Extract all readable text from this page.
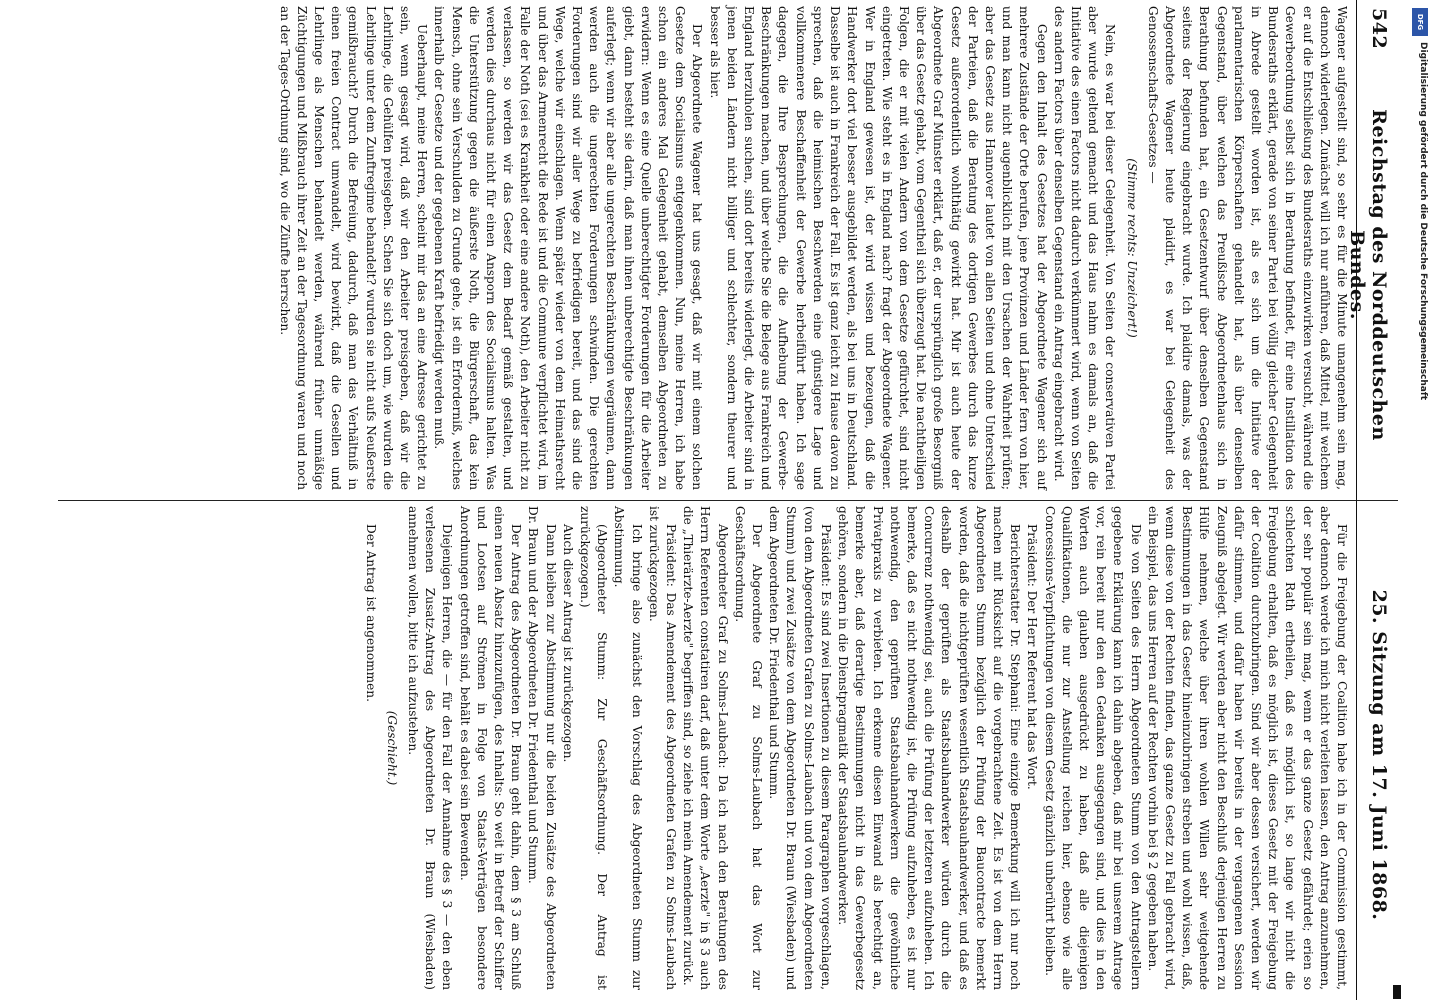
542
Reichstag des Norddeutschen Bundes.

Wagener aufgestellt sind, so sehr es für die Minute unangenehm sein mag, dennoch widerlegen. Zunächst will ich nur anführen, daß Mittel, mit welchem er auf die Entschließung des Bundesraths einzuwirken versucht, während die Gewerbeordnung selbst sich in Berathung befindet, für eine Instillation des Bundesraths erklärt, gerade von seiner Partei bei völlig gleicher Gelegenheit in Abrede gestellt worden ist, als es sich um die Initiative der parlamentarischen Körperschaften gehandelt hat, als über denselben Gegenstand, über welchen das Preußische Abgeordnetenhaus sich in Berathung befunden hat, ein Gesetzentwurf über denselben Gegenstand seitens der Regierung eingebracht wurde. Ich plaidire damals, was der Abgeordnete Wagener heute plaidirt, es war bei Gelegenheit des Genossenschafts-Gesetzes —

(Stimme rechts: Unzeichert!)

Nein, es war bei dieser Gelegenheit. Von Seiten der conservativen Partei aber wurde geltend gemacht und das Haus nahm es damals an, daß die Initiative des einen Factors nicht dadurch verkümmert wird, wenn von Seiten des andern Factors über denselben Gegenstand ein Antrag eingebracht wird.

Gegen den Inhalt des Gesetzes hat der Abgeordnete Wagener sich auf mehrere Zustände der Orte berufen, jene Provinzen und Länder fern von hier, und man kann nicht augenblicklich mit den Ursachen der Wahrheit prüfen; aber das Gesetz aus Hannover lautet von allen Seiten und ohne Unterschied der Parteien, daß die Beratung des dortigen Gewerbes durch das kurze Gesetz außerordentlich wohlthätig gewirkt hat. Mir ist auch heute der Abgeordnete Graf Münster erklärt, daß er, der ursprünglich große Besorgniß über das Gesetz gehabt, vom Gegentheil sich überzeugt hat. Die nachtheiligen Folgen, die er mit vielen Andern von dem Gesetze gefürchtet, sind nicht eingetreten. Wie steht es in England nach? fragt der Abgeordnete Wagener. Wer in England gewesen ist, der wird wissen und bezeugen, daß die Handwerker dort viel besser ausgebildet werden, als bei uns in Deutschland. Dasselbe ist auch in Frankreich der Fall. Es ist ganz leicht zu Hause davon zu sprechen, daß die heimischen Beschwerden eine günstigere Lage und vollkommenere Beschaffenheit der Gewerbe herbeiführt haben. Ich sage dagegen, die Ihre Besprechungen, die die Aufhebung der Gewerbe-Beschränkungen machen, und über welche Sie die Belege aus Frankreich und England herzuholen suchen, sind dort bereits widerlegt, die Arbeiter sind in jenen beiden Ländern nicht billiger und schlechter, sondern theurer und besser als hier.

Der Abgeordnete Wagener hat uns gesagt, daß wir mit einem solchen Gesetze dem Socialismus entgegenkommen. Nun, meine Herren, ich habe schon ein anderes Mal Gelegenheit gehabt, demselben Abgeordneten zu erwidern: Wenn es eine Quelle unberechtigter Forderungen für die Arbeiter giebt, dann besteht sie darin, daß man ihnen unberechtigte Beschränkungen auferlegt; wenn wir aber alle ungerechten Beschränkungen wegräumen, dann werden auch die ungerechten Forderungen schwinden. Die gerechten Forderungen sind wir aller Wege zu befriedigen bereit, und das sind die Wege, welche wir einschlagen. Wenn später wieder von dem Heimathsrecht und über das Armenrecht die Rede ist und die Commune verpflichtet wird, im Falle der Noth (sei es Krankheit oder eine andere Noth), den Arbeiter nicht zu verlassen, so werden wir das Gesetz dem Bedarf gemäß gestalten, und werden dies durchaus nicht für einen Ansporn des Socialismus halten. Was die Unterstützung gegen die äußerste Noth, die Bürgerschaft, das kein Mensch, ohne sein Verschulden zu Grunde gehe, ist ein Erforderniß, welches innerhalb der Gesetze und der gegebenen Kraft befriedigt werden muß.

Ueberhaupt, meine Herren, scheint mir das an eine Adresse gerichtet zu sein, wenn gesagt wird, daß wir den Arbeiter preisgeben, daß wir die Lehrlinge, die Gehülfen preisgeben. Schen Sie sich doch um, wie wurden die Lehrlinge unter dem Zunftregime behandelt? wurden sie nicht aufs Neußerste gemißbraucht? Durch die Befreiung, dadurch, daß man das Verhältniß in einen freien Contract umwandelt, wird bewirkt, daß die Gesellen und Lehrlinge als Menschen behandelt werden, während früher unmäßige Züchtigungen und Mißbrauch ihrer Zeit an der Tagesordnung waren und noch an der Tages-Ordnung sind, wo die Zünfte herrschen.

25. Sitzung am 17. Juni 1868.

Für die Freigebung der Coalition habe ich in der Commission gestimmt, aber dennoch werde ich mich nicht verleiten lassen, den Antrag anzunehmen, der sehr populär sein mag, wenn er das ganze Gesetz gefährdet; erien so schlechten Rath ertheilen, daß es möglich ist, so lange wir nicht die Freigebung erhalten, daß es möglich ist, dieses Gesetz mit der Freigebung der Coalition durchzubringen. Sind wir aber dessen versichert, werden wir dafür stimmen, und dafür haben wir bereits in der vergangenen Session Zeugniß abgelegt. Wir werden aber nicht den Beschluß derjenigen Herren zu Hülfe nehmen, welche über ihren wohlen Willen sehr weitgehende Bestimmungen in das Gesetz hineinzubringen streben und wohl wissen, daß, wenn diese von der Rechten finden, das ganze Gesetz zu Fall gebracht wird, ein Beispiel, das uns Herren auf der Rechten vorhin bei § 2 gegeben haben.

Die von Seiten des Herrn Abgeordneten Stumm von den Antragstellern gegebene Erklärung kann ich dahin abgeben, daß mir bei unserem Antrage vor, rein bereit nur den den Gedanken ausgegangen sind, und dies in den Worten auch glauben ausgedrückt zu haben, daß alle diejenigen Qualifikationen, die nur zur Anstellung reichen hier, ebenso wie alle Concessions-Verpflichtungen von diesem Gesetz gänzlich unberührt bleiben.

Präsident: Der Herr Referent hat das Wort.

Berichterstatter Dr. Stephani: Eine einzige Bemerkung will ich nur noch machen mit Rücksicht auf die vorgebrachtene Zeit. Es ist von dem Herrn Abgeordneten Stumm bezüglich der Prüfung der Baucontracte bemerkt worden, daß die nichtgeprüften wesentlich Staatsbauhandwerker, und daß es deshalb der geprüften als Staatsbauhandwerker würden durch die Concurrenz nothwendig sei, auch die Prüfung der letzteren aufzuheben. Ich bemerke, daß es nicht nothwendig ist, die Prüfung aufzuheben, es ist nur nothwendig, den geprüften Staatsbauhandwerkern die gewöhnliche Privatpraxis zu verbieten. Ich erkenne diesen Einwand als berechtigt an, bemerke aber, daß derartige Bestimmungen nicht in das Gewerbegesetz gehören, sondern in die Dienstpragmatik der Staatsbauhandwerker.

Präsident: Es sind zwei Insertionen zu diesem Paragraphen vorgeschlagen, (von dem Abgeordneten Grafen zu Solms-Laubach und von dem Abgeordneten Stumm) und zwei Zusätze von dem Abgeordneten Dr. Braun (Wiesbaden) und dem Abgeordneten Dr. Friedenthal und Stumm.

Der Abgeordnete Graf zu Solms-Laubach hat das Wort zur Geschäftsordnung.

Abgeordneter Graf zu Solms-Laubach: Da ich nach den Beratungen des Herrn Referenten constatiren darf, daß unter dem Worte „Aerzte" in § 3 auch die „Thierärzte-Aerzte" begriffen sind, so ziehe ich mein Amendement zurück.

Präsident: Das Amendement des Abgeordneten Grafen zu Solms-Laubach ist zurückgezogen.

Ich bringe also zunächst den Vorschlag des Abgeordneten Stumm zur Abstimmung.

(Abgeordneter Stumm: Zur Geschäftsordnung. Der Antrag ist zurückgezogen.)

Auch dieser Antrag ist zurückgezogen.

Dann bleiben zur Abstimmung nur die beiden Zusätze des Abgeordneten Dr. Braun und der Abgeordneten Dr. Friedenthal und Stumm.

Der Antrag des Abgeordneten Dr. Braun geht dahin, dem § 3 am Schluß einen neuen Absatz hinzuzufügen, des Inhalts: So weit in Betreff der Schiffer und Lootsen auf Strömen in Folge von Staats-Verträgen besondere Anordnungen getroffen sind, behält es dabei sein Bewenden.

Diejenigen Herren, die — für den Fall der Annahme des § 3 — den eben verlesenen Zusatz-Antrag des Abgeordneten Dr. Braun (Wiesbaden) annehmen wollen, bitte ich aufzustehen.

(Geschieht.)

Der Antrag ist angenommen.

DFG
Digitalisierung gefördert durch die Deutsche Forschungsgemeinschaft
